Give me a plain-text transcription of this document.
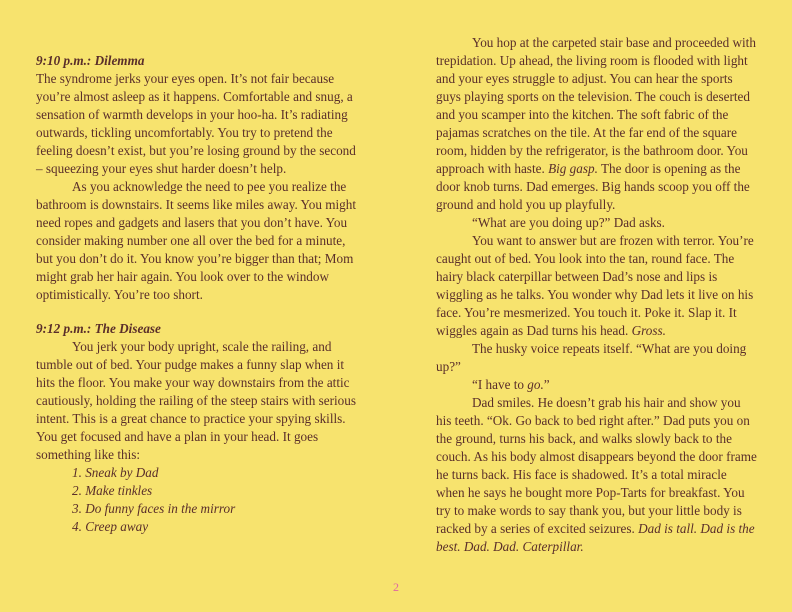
9:10 p.m.: Dilemma

The syndrome jerks your eyes open. It’s not fair because you’re almost asleep as it happens. Comfortable and snug, a sensation of warmth develops in your hoo-ha. It’s radiating outwards, tickling uncomfortably. You try to pretend the feeling doesn’t exist, but you’re losing ground by the second – squeezing your eyes shut harder doesn’t help.

As you acknowledge the need to pee you realize the bathroom is downstairs. It seems like miles away. You might need ropes and gadgets and lasers that you don’t have. You consider making number one all over the bed for a minute, but you don’t do it. You know you’re bigger than that; Mom might grab her hair again. You look over to the window optimistically. You’re too short.

9:12 p.m.: The Disease

You jerk your body upright, scale the railing, and tumble out of bed. Your pudge makes a funny slap when it hits the floor. You make your way downstairs from the attic cautiously, holding the railing of the steep stairs with serious intent. This is a great chance to practice your spying skills. You get focused and have a plan in your head. It goes something like this:

1. Sneak by Dad
2. Make tinkles
3. Do funny faces in the mirror
4. Creep away

You hop at the carpeted stair base and proceeded with trepidation. Up ahead, the living room is flooded with light and your eyes struggle to adjust. You can hear the sports guys playing sports on the television. The couch is deserted and you scamper into the kitchen. The soft fabric of the pajamas scratches on the tile. At the far end of the square room, hidden by the refrigerator, is the bathroom door. You approach with haste. Big gasp. The door is opening as the door knob turns. Dad emerges. Big hands scoop you off the ground and hold you up playfully.

“What are you doing up?” Dad asks.

You want to answer but are frozen with terror. You’re caught out of bed. You look into the tan, round face. The hairy black caterpillar between Dad’s nose and lips is wiggling as he talks. You wonder why Dad lets it live on his face. You’re mesmerized. You touch it. Poke it. Slap it. It wiggles again as Dad turns his head. Gross.

The husky voice repeats itself. “What are you doing up?”

“I have to go.”

Dad smiles. He doesn’t grab his hair and show you his teeth. “Ok. Go back to bed right after.” Dad puts you on the ground, turns his back, and walks slowly back to the couch. As his body almost disappears beyond the door frame he turns back. His face is shadowed. It’s a total miracle when he says he bought more Pop-Tarts for breakfast. You try to make words to say thank you, but your little body is racked by a series of excited seizures. Dad is tall. Dad is the best. Dad. Dad. Caterpillar.

2
